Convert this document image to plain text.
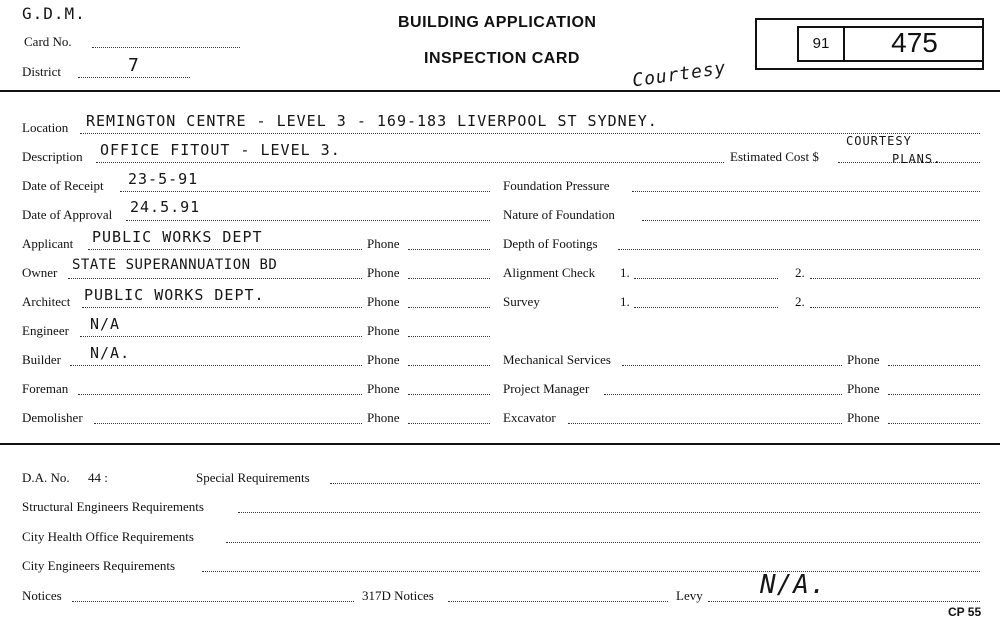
G.D.M.
Card No.
District	7
BUILDING APPLICATION
INSPECTION CARD	Courtesy
91	475
Location REMINGTON CENTRE - LEVEL 3 - 169-183 LIVERPOOL ST SYDNEY.
Description OFFICE FITOUT - LEVEL 3.	Estimated Cost $
COURTESY
PLANS.
Date of Receipt 23-5-91
Date of Approval 24.5.91
Applicant PUBLIC WORKS DEPT	Phone
Owner STATE SUPERANNUATION BD	Phone
Architect PUBLIC WORKS DEPT.	Phone
Engineer N/A	Phone
Builder N/A.	Phone
Foreman	Phone
Demolisher	Phone
Foundation Pressure
Nature of Foundation
Depth of Footings
Alignment Check 1.	2.
Survey	1.	2.
Mechanical Services	Phone
Project Manager	Phone
Excavator	Phone
D.A. No. 44 :	Special Requirements
Structural Engineers Requirements
City Health Office Requirements
City Engineers Requirements
Notices	317D Notices	Levy N/A.
CP 55
